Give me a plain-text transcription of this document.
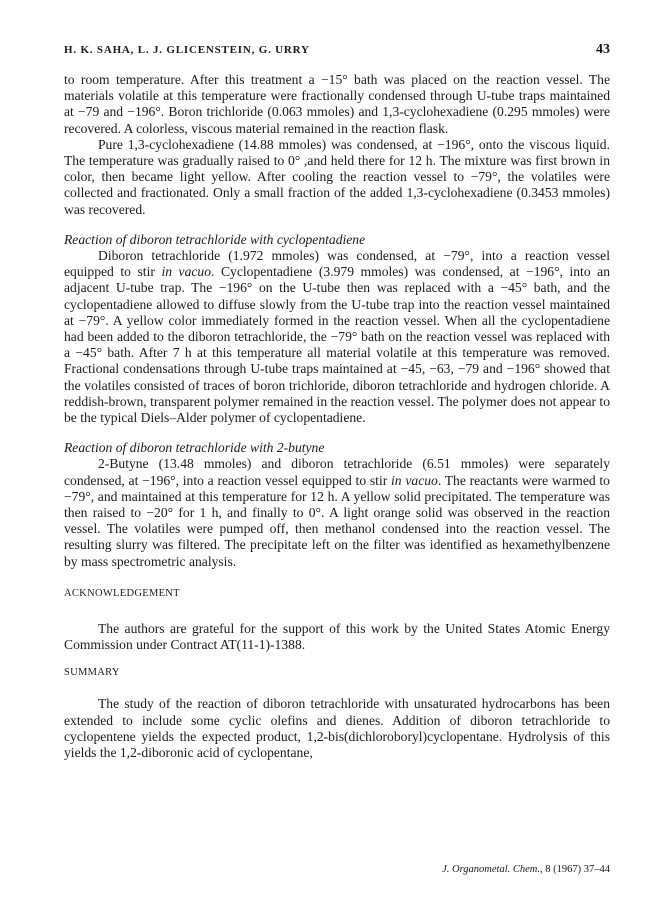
H. K. SAHA, L. J. GLICENSTEIN, G. URRY	43

to room temperature. After this treatment a −15° bath was placed on the reaction vessel. The materials volatile at this temperature were fractionally condensed through U-tube traps maintained at −79 and −196°. Boron trichloride (0.063 mmoles) and 1,3-cyclohexadiene (0.295 mmoles) were recovered. A colorless, viscous material remained in the reaction flask.

Pure 1,3-cyclohexadiene (14.88 mmoles) was condensed, at −196°, onto the viscous liquid. The temperature was gradually raised to 0° ,and held there for 12 h. The mixture was first brown in color, then became light yellow. After cooling the reaction vessel to −79°, the volatiles were collected and fractionated. Only a small fraction of the added 1,3-cyclohexadiene (0.3453 mmoles) was recovered.

Reaction of diboron tetrachloride with cyclopentadiene

Diboron tetrachloride (1.972 mmoles) was condensed, at −79°, into a reaction vessel equipped to stir in vacuo. Cyclopentadiene (3.979 mmoles) was condensed, at −196°, into an adjacent U-tube trap. The −196° on the U-tube then was replaced with a −45° bath, and the cyclopentadiene allowed to diffuse slowly from the U-tube trap into the reaction vessel maintained at −79°. A yellow color immediately formed in the reaction vessel. When all the cyclopentadiene had been added to the diboron tetrachloride, the −79° bath on the reaction vessel was replaced with a −45° bath. After 7 h at this temperature all material volatile at this temperature was removed. Fractional condensations through U-tube traps maintained at −45, −63, −79 and −196° showed that the volatiles consisted of traces of boron trichloride, diboron tetrachloride and hydrogen chloride. A reddish-brown, transparent polymer remained in the reaction vessel. The polymer does not appear to be the typical Diels–Alder polymer of cyclopentadiene.

Reaction of diboron tetrachloride with 2-butyne

2-Butyne (13.48 mmoles) and diboron tetrachloride (6.51 mmoles) were separately condensed, at −196°, into a reaction vessel equipped to stir in vacuo. The reactants were warmed to −79°, and maintained at this temperature for 12 h. A yellow solid precipitated. The temperature was then raised to −20° for 1 h, and finally to 0°. A light orange solid was observed in the reaction vessel. The volatiles were pumped off, then methanol condensed into the reaction vessel. The resulting slurry was filtered. The precipitate left on the filter was identified as hexamethylbenzene by mass spectrometric analysis.

ACKNOWLEDGEMENT

The authors are grateful for the support of this work by the United States Atomic Energy Commission under Contract AT(11-1)-1388.

SUMMARY

The study of the reaction of diboron tetrachloride with unsaturated hydrocarbons has been extended to include some cyclic olefins and dienes. Addition of diboron tetrachloride to cyclopentene yields the expected product, 1,2-bis(dichloroboryl)cyclopentane. Hydrolysis of this yields the 1,2-diboronic acid of cyclopentane,

J. Organometal. Chem., 8 (1967) 37–44
